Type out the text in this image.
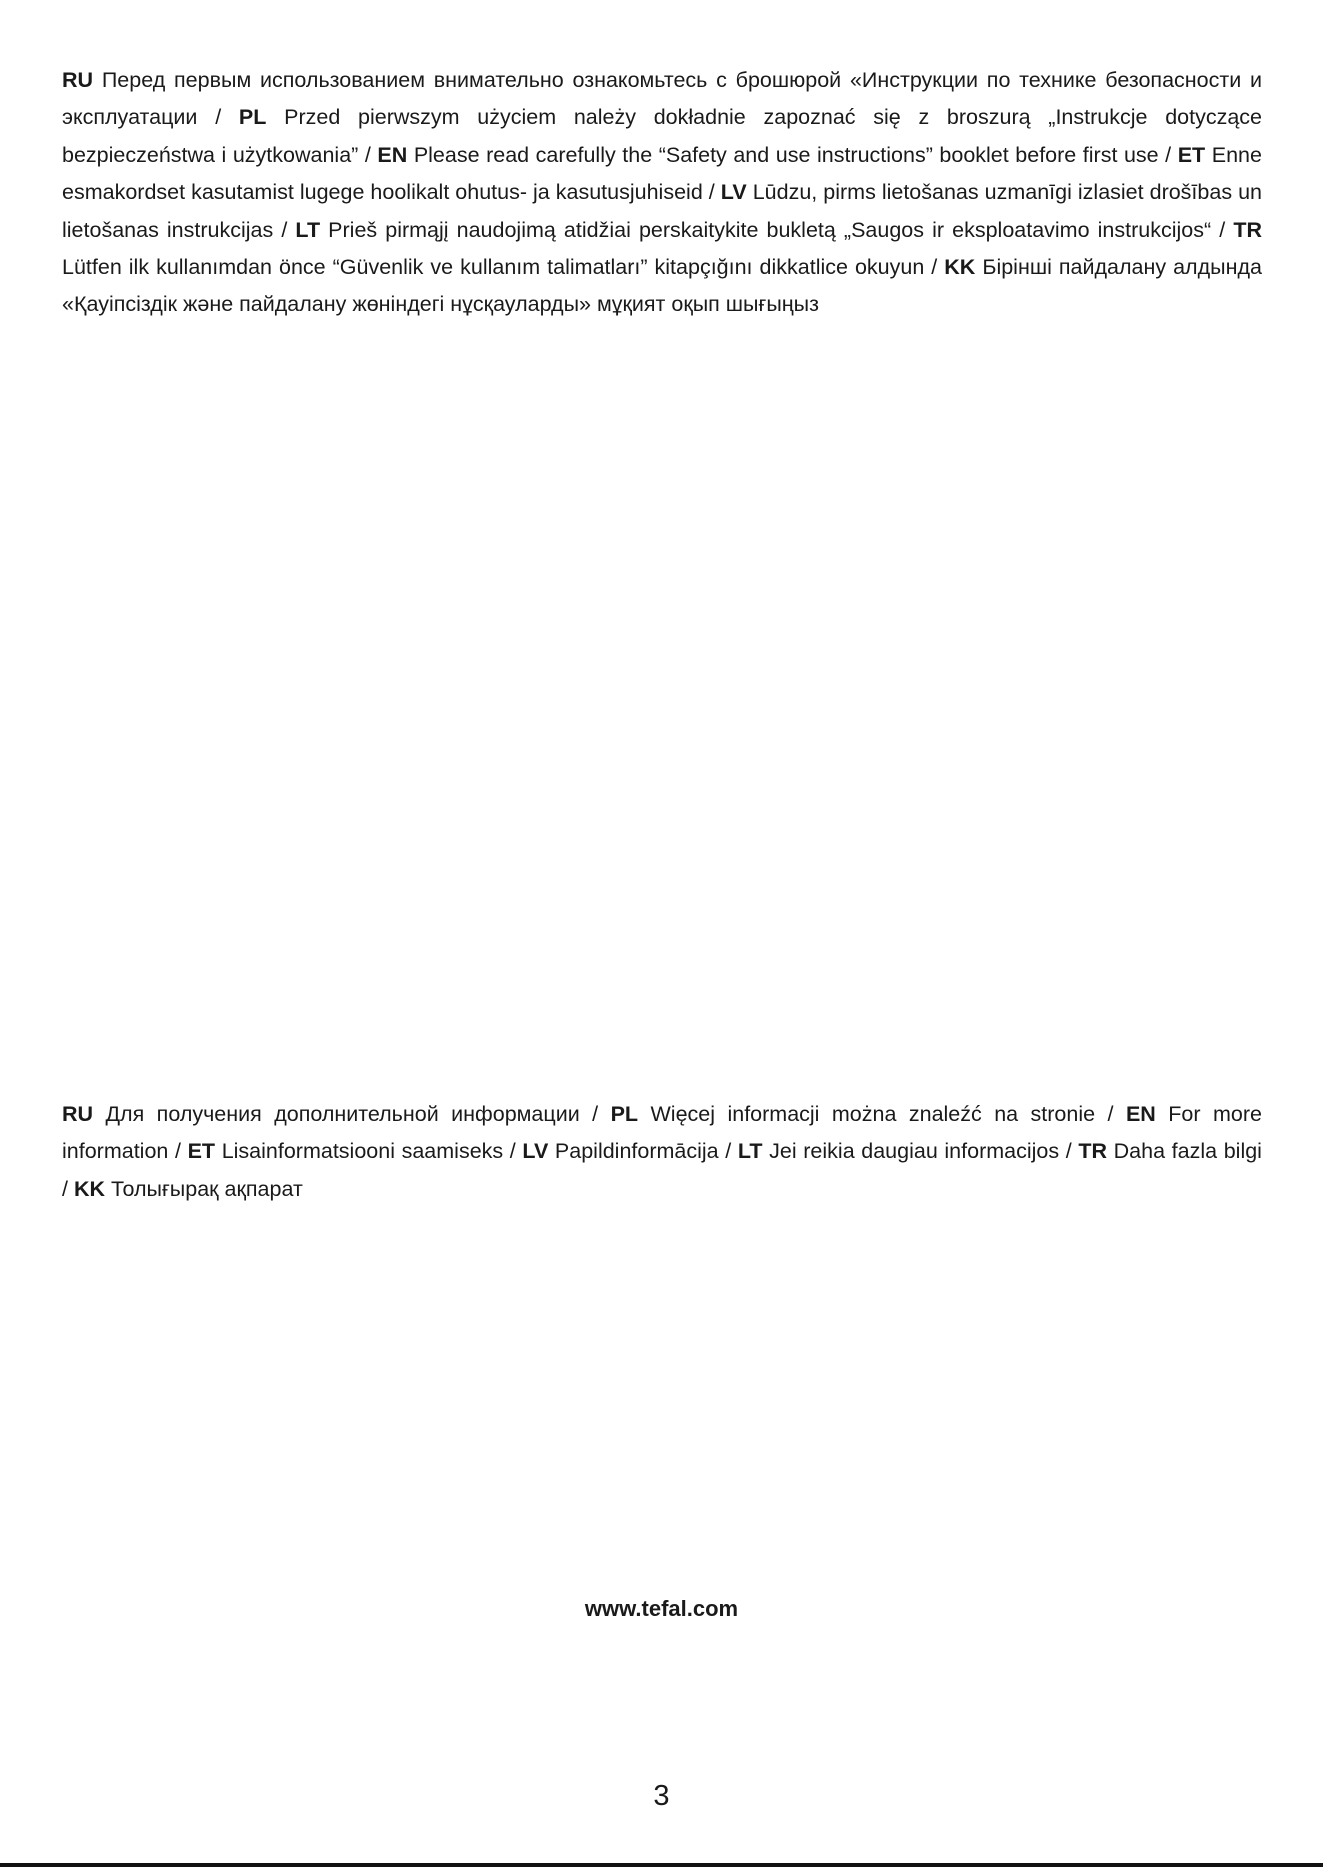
RU Перед первым использованием внимательно ознакомьтесь с брошюрой «Инструкции по технике безопасности и эксплуатации / PL Przed pierwszym użyciem należy dokładnie zapoznać się z broszurą „Instrukcje dotyczące bezpieczeństwa i użytkowania” / EN Please read carefully the “Safety and use instructions” booklet before first use / ET Enne esmakordset kasutamist lugege hoolikalt ohutus- ja kasutusjuhiseid / LV Lūdzu, pirms lietošanas uzmanīgi izlasiet drošības un lietošanas instrukcijas / LT Prieš pirmąjį naudojimą atidžiai perskaitykite bukletą „Saugos ir eksploatavimo instrukcijos“ / TR Lütfen ilk kullanımdan önce “Güvenlik ve kullanım talimatları” kitapçığını dikkatlice okuyun / KK Бірінші пайдалану алдында «Қауіпсіздік және пайдалану жөніндегі нұсқауларды» мұқият оқып шығыңыз

RU Для получения дополнительной информации / PL Więcej informacji można znaleźć na stronie / EN For more information / ET Lisainformatsiooni saamiseks / LV Papildinformācija / LT Jei reikia daugiau informacijos / TR Daha fazla bilgi / KK Толығырақ ақпарат

www.tefal.com
3
